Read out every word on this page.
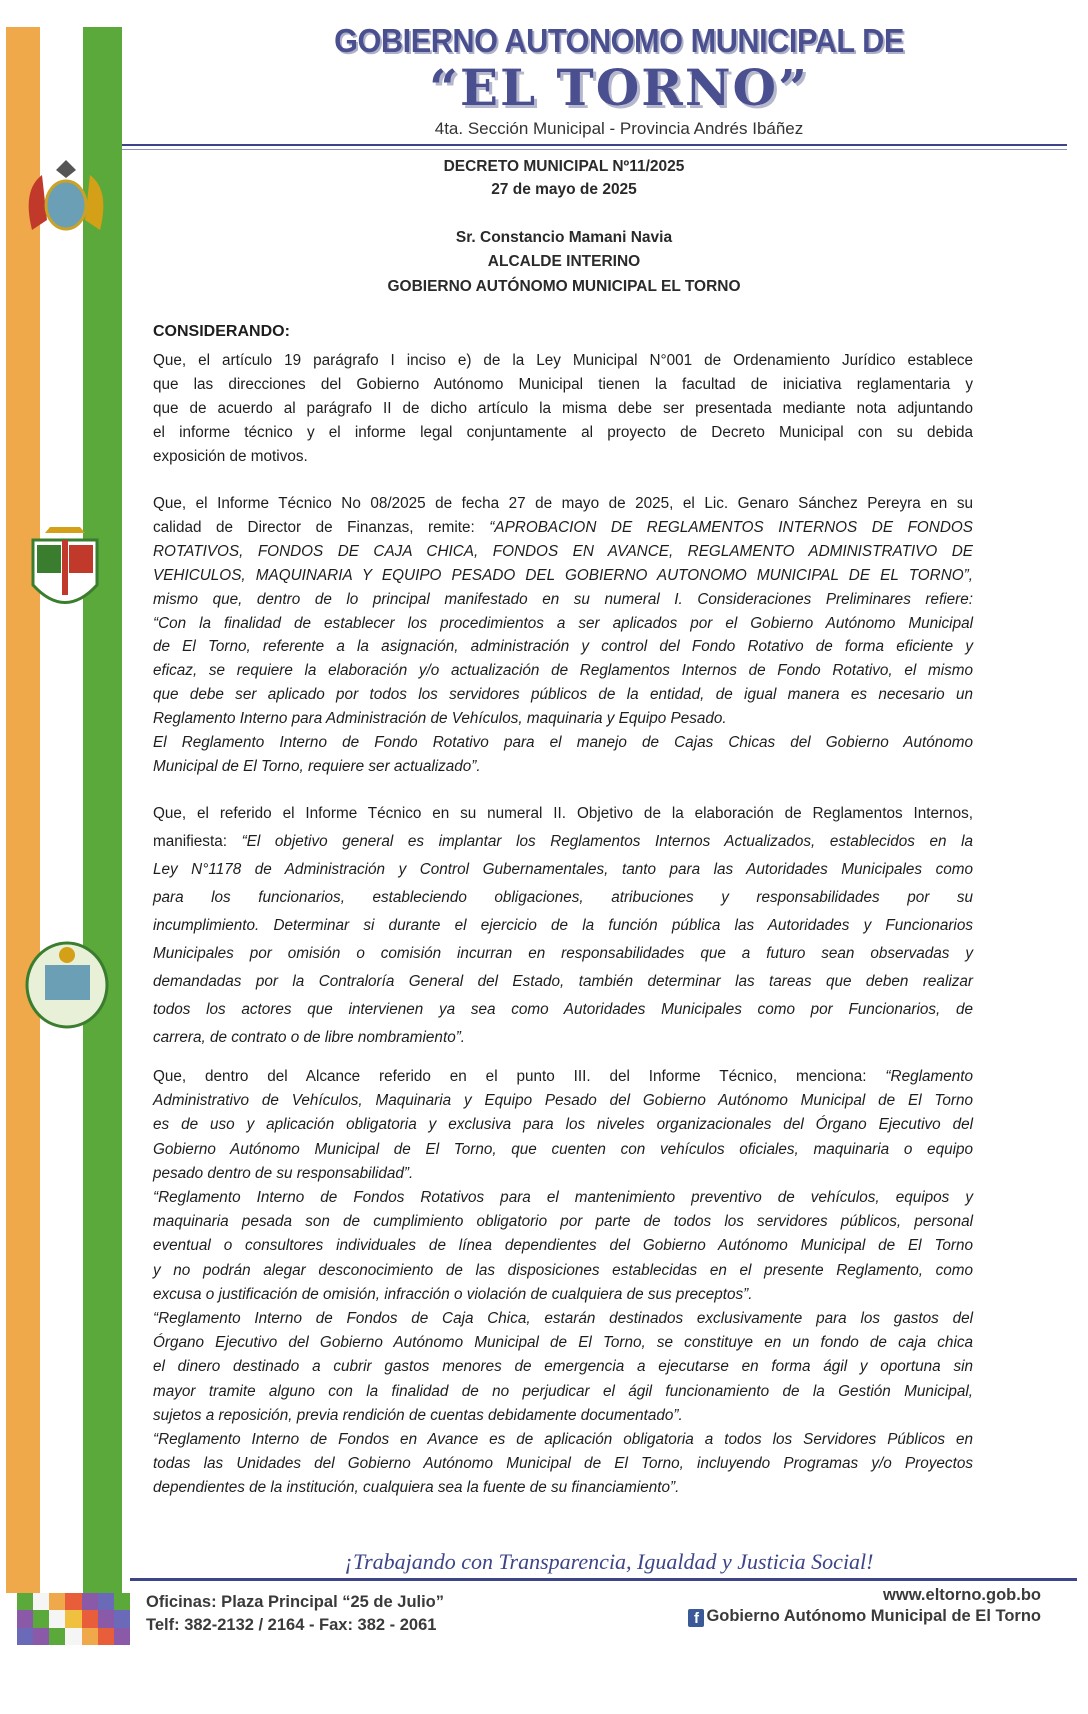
GOBIERNO AUTONOMO MUNICIPAL DE
“EL TORNO”
4ta. Sección Municipal - Provincia Andrés Ibáñez
DECRETO MUNICIPAL Nº11/2025
27 de mayo de 2025
Sr. Constancio Mamani Navia
ALCALDE INTERINO
GOBIERNO AUTÓNOMO MUNICIPAL EL TORNO
CONSIDERANDO:
Que, el artículo 19 parágrafo I inciso e) de la Ley Municipal N°001 de Ordenamiento Jurídico establece
que las direcciones del Gobierno Autónomo Municipal tienen la facultad de iniciativa reglamentaria y
que de acuerdo al parágrafo II de dicho artículo la misma debe ser presentada mediante nota adjuntando
el informe técnico y el informe legal conjuntamente al proyecto de Decreto Municipal con su debida
exposición de motivos.
Que, el Informe Técnico No 08/2025 de fecha 27 de mayo de 2025, el Lic. Genaro Sánchez Pereyra en su
calidad de Director de Finanzas, remite: “APROBACION DE REGLAMENTOS INTERNOS DE FONDOS
ROTATIVOS, FONDOS DE CAJA CHICA, FONDOS EN AVANCE, REGLAMENTO ADMINISTRATIVO DE
VEHICULOS, MAQUINARIA Y EQUIPO PESADO DEL GOBIERNO AUTONOMO MUNICIPAL DE EL TORNO”,
mismo que, dentro de lo principal manifestado en su numeral I. Consideraciones Preliminares refiere:
“Con la finalidad de establecer los procedimientos a ser aplicados por el Gobierno Autónomo Municipal
de El Torno, referente a la asignación, administración y control del Fondo Rotativo de forma eficiente y
eficaz, se requiere la elaboración y/o actualización de Reglamentos Internos de Fondo Rotativo, el mismo
que debe ser aplicado por todos los servidores públicos de la entidad, de igual manera es necesario un
Reglamento Interno para Administración de Vehículos, maquinaria y Equipo Pesado.
El Reglamento Interno de Fondo Rotativo para el manejo de Cajas Chicas del Gobierno Autónomo
Municipal de El Torno, requiere ser actualizado”.
Que, el referido el Informe Técnico en su numeral II. Objetivo de la elaboración de Reglamentos Internos,
manifiesta: “El objetivo general es implantar los Reglamentos Internos Actualizados, establecidos en la
Ley N°1178 de Administración y Control Gubernamentales, tanto para las Autoridades Municipales como
para los funcionarios, estableciendo obligaciones, atribuciones y responsabilidades por su
incumplimiento. Determinar si durante el ejercicio de la función pública las Autoridades y Funcionarios
Municipales por omisión o comisión incurran en responsabilidades que a futuro sean observadas y
demandadas por la Contraloría General del Estado, también determinar las tareas que deben realizar
todos los actores que intervienen ya sea como Autoridades Municipales como por Funcionarios, de
carrera, de contrato o de libre nombramiento”.
Que, dentro del Alcance referido en el punto III. del Informe Técnico, menciona: “Reglamento
Administrativo de Vehículos, Maquinaria y Equipo Pesado del Gobierno Autónomo Municipal de El Torno
es de uso y aplicación obligatoria y exclusiva para los niveles organizacionales del Órgano Ejecutivo del
Gobierno Autónomo Municipal de El Torno, que cuenten con vehículos oficiales, maquinaria o equipo
pesado dentro de su responsabilidad”.
“Reglamento Interno de Fondos Rotativos para el mantenimiento preventivo de vehículos, equipos y
maquinaria pesada son de cumplimiento obligatorio por parte de todos los servidores públicos, personal
eventual o consultores individuales de línea dependientes del Gobierno Autónomo Municipal de El Torno
y no podrán alegar desconocimiento de las disposiciones establecidas en el presente Reglamento, como
excusa o justificación de omisión, infracción o violación de cualquiera de sus preceptos”.
“Reglamento Interno de Fondos de Caja Chica, estarán destinados exclusivamente para los gastos del
Órgano Ejecutivo del Gobierno Autónomo Municipal de El Torno, se constituye en un fondo de caja chica
el dinero destinado a cubrir gastos menores de emergencia a ejecutarse en forma ágil y oportuna sin
mayor tramite alguno con la finalidad de no perjudicar el ágil funcionamiento de la Gestión Municipal,
sujetos a reposición, previa rendición de cuentas debidamente documentado”.
“Reglamento Interno de Fondos en Avance es de aplicación obligatoria a todos los Servidores Públicos en
todas las Unidades del Gobierno Autónomo Municipal de El Torno, incluyendo Programas y/o Proyectos
dependientes de la institución, cualquiera sea la fuente de su financiamiento”.
¡Trabajando con Transparencia, Igualdad y Justicia Social!
Oficinas: Plaza Principal “25 de Julio”
Telf: 382-2132 / 2164 - Fax: 382 - 2061
www.eltorno.gob.bo
f Gobierno Autónomo Municipal de El Torno
